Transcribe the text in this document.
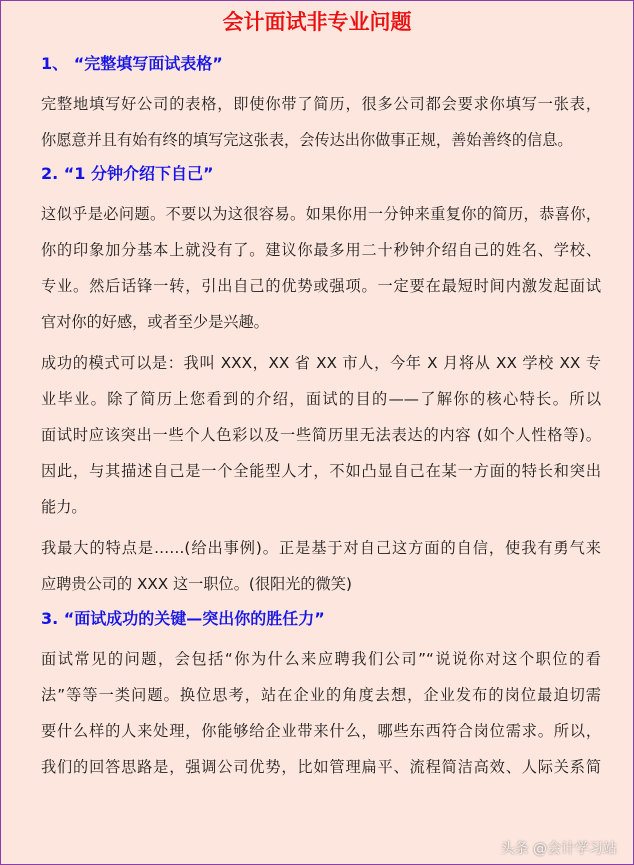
会计面试非专业问题
1、 “完整填写面试表格”
完整地填写好公司的表格，即使你带了简历，很多公司都会要求你填写一张表，
你愿意并且有始有终的填写完这张表，会传达出你做事正规，善始善终的信息。
2. “1 分钟介绍下自己”
这似乎是必问题。不要以为这很容易。如果你用一分钟来重复你的简历，恭喜你，
你的印象加分基本上就没有了。建议你最多用二十秒钟介绍自己的姓名、学校、
专业。然后话锋一转，引出自己的优势或强项。一定要在最短时间内激发起面试
官对你的好感，或者至少是兴趣。
成功的模式可以是：我叫 XXX，XX 省 XX 市人，今年 X 月将从 XX 学校 XX 专
业毕业。除了简历上您看到的介绍，面试的目的——了解你的核心特长。所以
面试时应该突出一些个人色彩以及一些简历里无法表达的内容 (如个人性格等)。
因此，与其描述自己是一个全能型人才，不如凸显自己在某一方面的特长和突出
能力。
我最大的特点是……(给出事例)。正是基于对自己这方面的自信，使我有勇气来
应聘贵公司的 XXX 这一职位。(很阳光的微笑)
3. “面试成功的关键—突出你的胜任力”
面试常见的问题，会包括“你为什么来应聘我们公司”“说说你对这个职位的看
法”等等一类问题。换位思考，站在企业的角度去想，企业发布的岗位最迫切需
要什么样的人来处理，你能够给企业带来什么，哪些东西符合岗位需求。所以，
我们的回答思路是，强调公司优势，比如管理扁平、流程简洁高效、人际关系简
头条 @会计学习站
